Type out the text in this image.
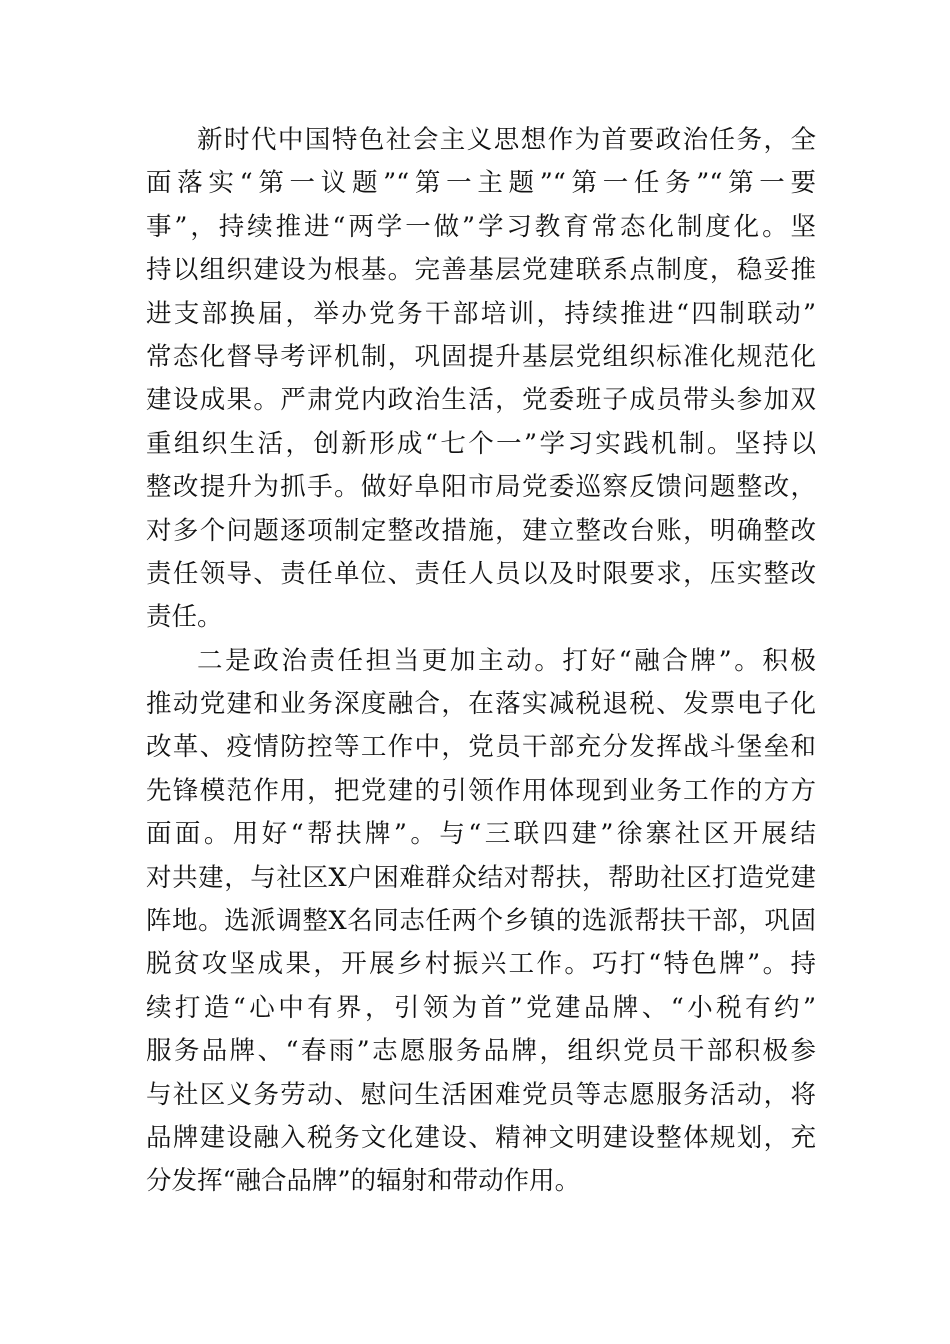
新时代中国特色社会主义思想作为首要政治任务，全
面落实“第一议题”“第一主题”“第一任务”“第一要
事”，持续推进“两学一做”学习教育常态化制度化。坚
持以组织建设为根基。完善基层党建联系点制度，稳妥推
进支部换届，举办党务干部培训，持续推进“四制联动”
常态化督导考评机制，巩固提升基层党组织标准化规范化
建设成果。严肃党内政治生活，党委班子成员带头参加双
重组织生活，创新形成“七个一”学习实践机制。坚持以
整改提升为抓手。做好阜阳市局党委巡察反馈问题整改，
对多个问题逐项制定整改措施，建立整改台账，明确整改
责任领导、责任单位、责任人员以及时限要求，压实整改
责任。
二是政治责任担当更加主动。打好“融合牌”。积极
推动党建和业务深度融合，在落实减税退税、发票电子化
改革、疫情防控等工作中，党员干部充分发挥战斗堡垒和
先锋模范作用，把党建的引领作用体现到业务工作的方方
面面。用好“帮扶牌”。与“三联四建”徐寨社区开展结
对共建，与社区X户困难群众结对帮扶，帮助社区打造党建
阵地。选派调整X名同志任两个乡镇的选派帮扶干部，巩固
脱贫攻坚成果，开展乡村振兴工作。巧打“特色牌”。持
续打造“心中有界，引领为首”党建品牌、“小税有约”
服务品牌、“春雨”志愿服务品牌，组织党员干部积极参
与社区义务劳动、慰问生活困难党员等志愿服务活动，将
品牌建设融入税务文化建设、精神文明建设整体规划，充
分发挥“融合品牌”的辐射和带动作用。
